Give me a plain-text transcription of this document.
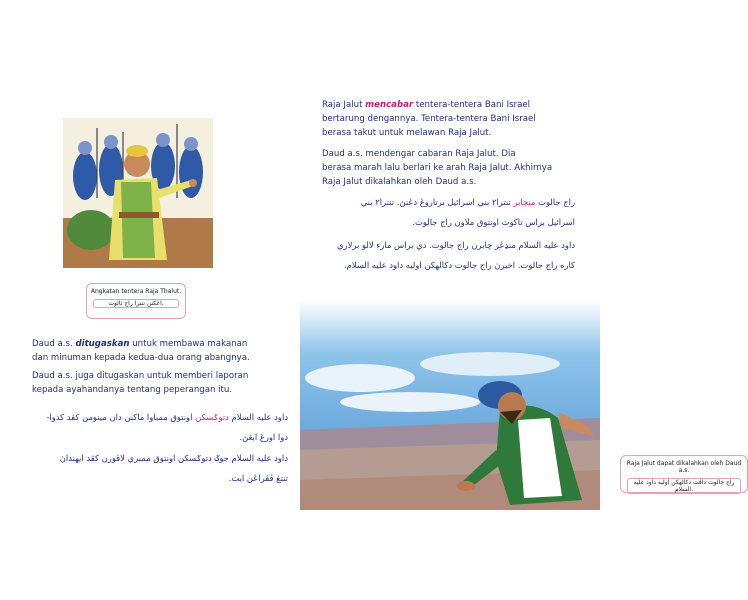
Angkatan tentera Raja Thalut.
اڠکتن تنترا راج ثالوت.
Daud a.s. ditugaskan untuk membawa makanan
dan minuman kepada kedua-dua orang abangnya.
Daud a.s. juga ditugaskan untuk memberi laporan
kepada ayahandanya tentang peperangan itu.
داود عليه السلام دتوݢسکن اونتوق ممباوا ماکنن دان مينومن کڤد کدوا-
دوا اورڠ ابڠڽ.
داود عليه السلام جوݢ دتوݢسکن اونتوق ممبري لاڤورن کڤد ايهنداڽ
تنتڠ ڤڤراڠن ايت.
Raja Jalut mencabar tentera-tentera Bani Israel
bertarung dengannya. Tentera-tentera Bani Israel
berasa takut untuk melawan Raja Jalut.
Daud a.s. mendengar cabaran Raja Jalut. Dia
berasa marah lalu berlari ke arah Raja Jalut. Akhirnya
Raja Jalut dikalahkan oleh Daud a.s.
راج جالوت منچابر تنترا٢ بني اسرائيل برتاروڠ دڠنڽ. تنترا٢ بني
اسرائيل براس تاکوت اونتوق ملاون راج جالوت.
داود عليه السلام منډڠر چابرن راج جالوت. دي براس مارء لالو برلاري
کاره راج جالوت. اخيرڽ راج جالوت دکالهکن اوليه داود عليه السلام.
Raja Jalut dapat dikalahkan oleh Daud a.s.
راج جالوت داڤت دکالهکن اوليه داود عليه السلام.
